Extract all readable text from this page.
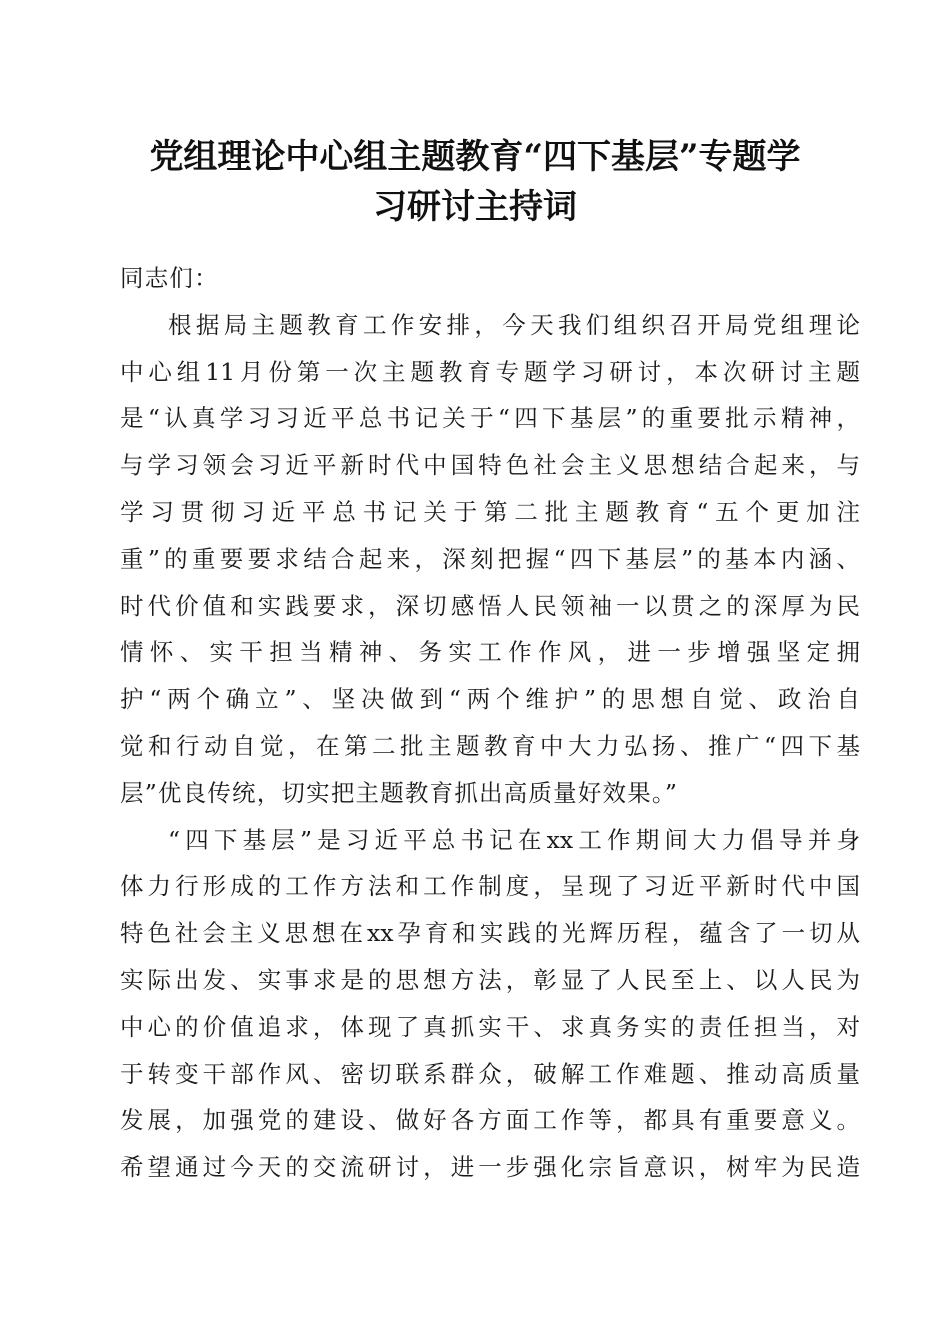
党组理论中心组主题教育“四下基层”专题学
习研讨主持词
同志们：
根据局主题教育工作安排，今天我们组织召开局党组理论
中心组11月份第一次主题教育专题学习研讨，本次研讨主题
是“认真学习习近平总书记关于“四下基层”的重要批示精神，
与学习领会习近平新时代中国特色社会主义思想结合起来，与
学习贯彻习近平总书记关于第二批主题教育“五个更加注
重”的重要要求结合起来，深刻把握“四下基层”的基本内涵、
时代价值和实践要求，深切感悟人民领袖一以贯之的深厚为民
情怀、实干担当精神、务实工作作风，进一步增强坚定拥
护“两个确立”、坚决做到“两个维护”的思想自觉、政治自
觉和行动自觉，在第二批主题教育中大力弘扬、推广“四下基
层”优良传统，切实把主题教育抓出高质量好效果。”
“四下基层”是习近平总书记在xx工作期间大力倡导并身
体力行形成的工作方法和工作制度，呈现了习近平新时代中国
特色社会主义思想在xx孕育和实践的光辉历程，蕴含了一切从
实际出发、实事求是的思想方法，彰显了人民至上、以人民为
中心的价值追求，体现了真抓实干、求真务实的责任担当，对
于转变干部作风、密切联系群众，破解工作难题、推动高质量
发展，加强党的建设、做好各方面工作等，都具有重要意义。
希望通过今天的交流研讨，进一步强化宗旨意识，树牢为民造
